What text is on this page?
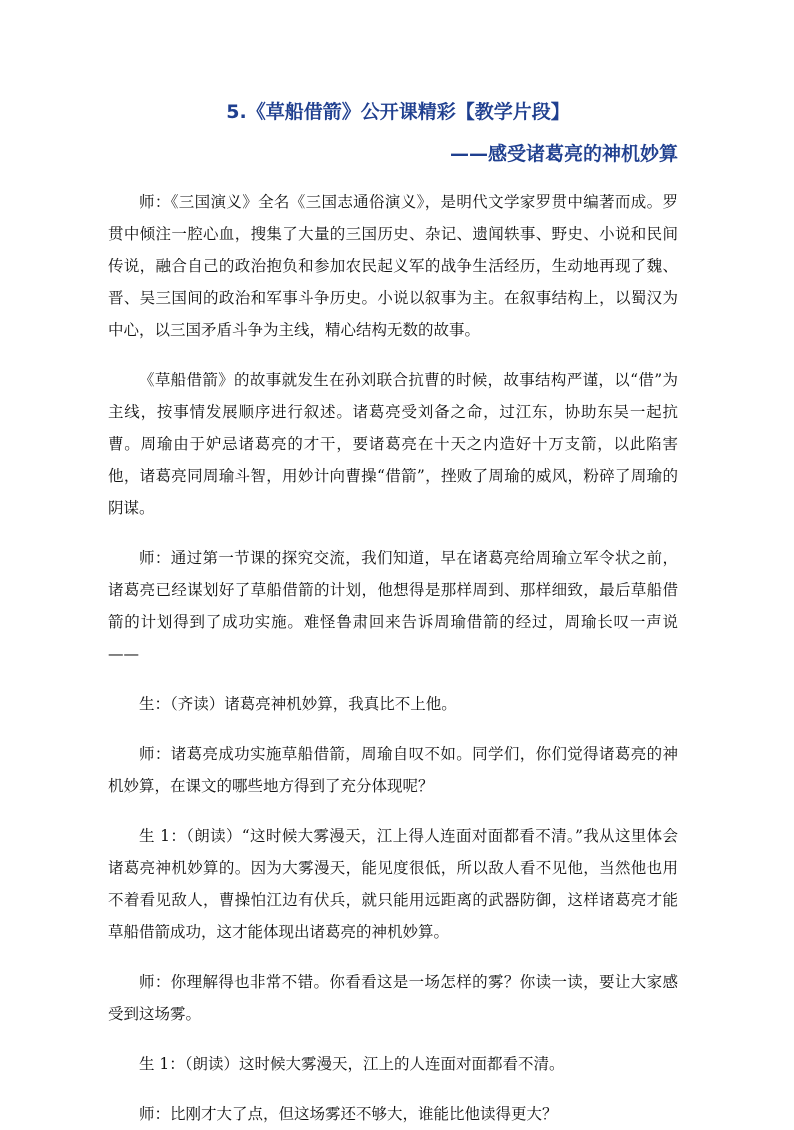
5.《草船借箭》公开课精彩【教学片段】
——感受诸葛亮的神机妙算

师：《三国演义》全名《三国志通俗演义》，是明代文学家罗贯中编著而成。罗贯中倾注一腔心血，搜集了大量的三国历史、杂记、遗闻轶事、野史、小说和民间传说，融合自己的政治抱负和参加农民起义军的战争生活经历，生动地再现了魏、晋、吴三国间的政治和军事斗争历史。小说以叙事为主。在叙事结构上，以蜀汉为中心，以三国矛盾斗争为主线，精心结构无数的故事。

《草船借箭》的故事就发生在孙刘联合抗曹的时候，故事结构严谨，以“借”为主线，按事情发展顺序进行叙述。诸葛亮受刘备之命，过江东，协助东吴一起抗曹。周瑜由于妒忌诸葛亮的才干，要诸葛亮在十天之内造好十万支箭，以此陷害他，诸葛亮同周瑜斗智，用妙计向曹操“借箭”，挫败了周瑜的威风，粉碎了周瑜的阴谋。

师：通过第一节课的探究交流，我们知道，早在诸葛亮给周瑜立军令状之前，诸葛亮已经谋划好了草船借箭的计划，他想得是那样周到、那样细致，最后草船借箭的计划得到了成功实施。难怪鲁肃回来告诉周瑜借箭的经过，周瑜长叹一声说——

生：（齐读）诸葛亮神机妙算，我真比不上他。

师：诸葛亮成功实施草船借箭，周瑜自叹不如。同学们，你们觉得诸葛亮的神机妙算，在课文的哪些地方得到了充分体现呢？

生 1：（朗读）“这时候大雾漫天，江上得人连面对面都看不清。”我从这里体会诸葛亮神机妙算的。因为大雾漫天，能见度很低，所以敌人看不见他，当然他也用不着看见敌人，曹操怕江边有伏兵，就只能用远距离的武器防御，这样诸葛亮才能草船借箭成功，这才能体现出诸葛亮的神机妙算。

师：你理解得也非常不错。你看看这是一场怎样的雾？你读一读，要让大家感受到这场雾。

生 1：（朗读）这时候大雾漫天，江上的人连面对面都看不清。

师：比刚才大了点，但这场雾还不够大，谁能比他读得更大？
